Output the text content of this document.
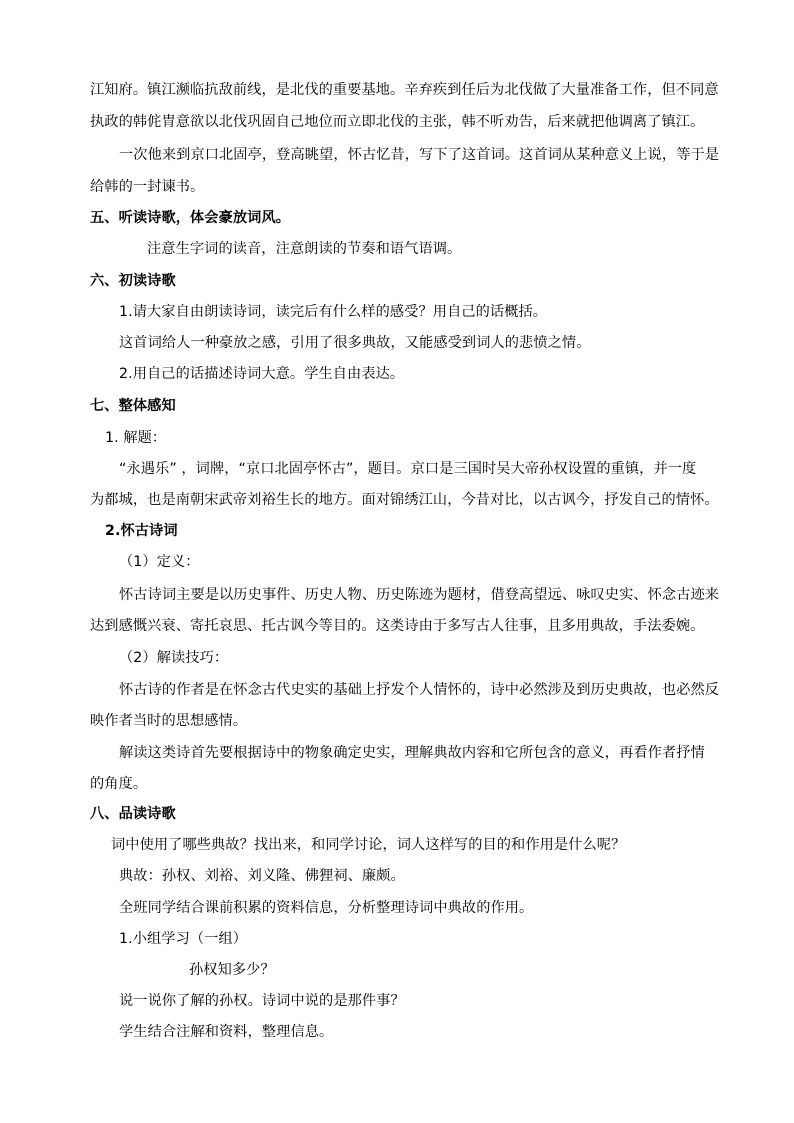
江知府。镇江濒临抗敌前线，是北伐的重要基地。辛弃疾到任后为北伐做了大量准备工作，但不同意
执政的韩侂胄意欲以北伐巩固自己地位而立即北伐的主张，韩不听劝告，后来就把他调离了镇江。
一次他来到京口北固亭，登高眺望，怀古忆昔，写下了这首词。这首词从某种意义上说，等于是
给韩的一封谏书。
五、听读诗歌，体会豪放词风。
注意生字词的读音，注意朗读的节奏和语气语调。
六、初读诗歌
1.请大家自由朗读诗词，读完后有什么样的感受？用自己的话概括。
这首词给人一种豪放之感，引用了很多典故，又能感受到词人的悲愤之情。
2.用自己的话描述诗词大意。学生自由表达。
七、整体感知
1. 解题：
“永遇乐” ，词牌，“京口北固亭怀古”，题目。京口是三国时吴大帝孙权设置的重镇，并一度
为都城，也是南朝宋武帝刘裕生长的地方。面对锦绣江山，今昔对比，以古讽今，抒发自己的情怀。
2.怀古诗词
（1）定义：
怀古诗词主要是以历史事件、历史人物、历史陈迹为题材，借登高望远、咏叹史实、怀念古迹来
达到感慨兴衰、寄托哀思、托古讽今等目的。这类诗由于多写古人往事，且多用典故，手法委婉。
（2）解读技巧：
怀古诗的作者是在怀念古代史实的基础上抒发个人情怀的，诗中必然涉及到历史典故，也必然反
映作者当时的思想感情。
解读这类诗首先要根据诗中的物象确定史实，理解典故内容和它所包含的意义，再看作者抒情
的角度。
八、品读诗歌
词中使用了哪些典故？找出来，和同学讨论，词人这样写的目的和作用是什么呢？
典故：孙权、刘裕、刘义隆、佛狸祠、廉颇。
全班同学结合课前积累的资料信息，分析整理诗词中典故的作用。
1.小组学习（一组）
孙权知多少？
说一说你了解的孙权。诗词中说的是那件事？
学生结合注解和资料，整理信息。
